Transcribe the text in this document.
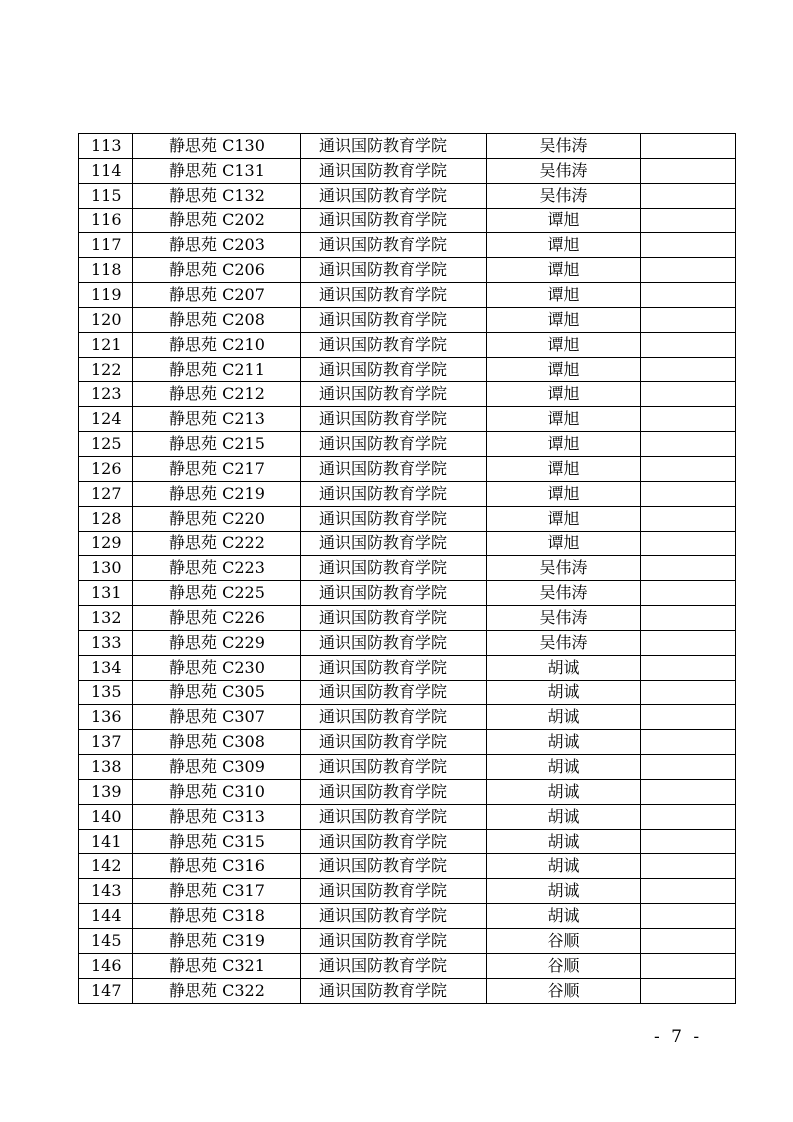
113	静思苑 C130	通识国防教育学院	吴伟涛	
114	静思苑 C131	通识国防教育学院	吴伟涛	
115	静思苑 C132	通识国防教育学院	吴伟涛	
116	静思苑 C202	通识国防教育学院	谭旭	
117	静思苑 C203	通识国防教育学院	谭旭	
118	静思苑 C206	通识国防教育学院	谭旭	
119	静思苑 C207	通识国防教育学院	谭旭	
120	静思苑 C208	通识国防教育学院	谭旭	
121	静思苑 C210	通识国防教育学院	谭旭	
122	静思苑 C211	通识国防教育学院	谭旭	
123	静思苑 C212	通识国防教育学院	谭旭	
124	静思苑 C213	通识国防教育学院	谭旭	
125	静思苑 C215	通识国防教育学院	谭旭	
126	静思苑 C217	通识国防教育学院	谭旭	
127	静思苑 C219	通识国防教育学院	谭旭	
128	静思苑 C220	通识国防教育学院	谭旭	
129	静思苑 C222	通识国防教育学院	谭旭	
130	静思苑 C223	通识国防教育学院	吴伟涛	
131	静思苑 C225	通识国防教育学院	吴伟涛	
132	静思苑 C226	通识国防教育学院	吴伟涛	
133	静思苑 C229	通识国防教育学院	吴伟涛	
134	静思苑 C230	通识国防教育学院	胡诚	
135	静思苑 C305	通识国防教育学院	胡诚	
136	静思苑 C307	通识国防教育学院	胡诚	
137	静思苑 C308	通识国防教育学院	胡诚	
138	静思苑 C309	通识国防教育学院	胡诚	
139	静思苑 C310	通识国防教育学院	胡诚	
140	静思苑 C313	通识国防教育学院	胡诚	
141	静思苑 C315	通识国防教育学院	胡诚	
142	静思苑 C316	通识国防教育学院	胡诚	
143	静思苑 C317	通识国防教育学院	胡诚	
144	静思苑 C318	通识国防教育学院	胡诚	
145	静思苑 C319	通识国防教育学院	谷顺	
146	静思苑 C321	通识国防教育学院	谷顺	
147	静思苑 C322	通识国防教育学院	谷顺	
- 7 -
